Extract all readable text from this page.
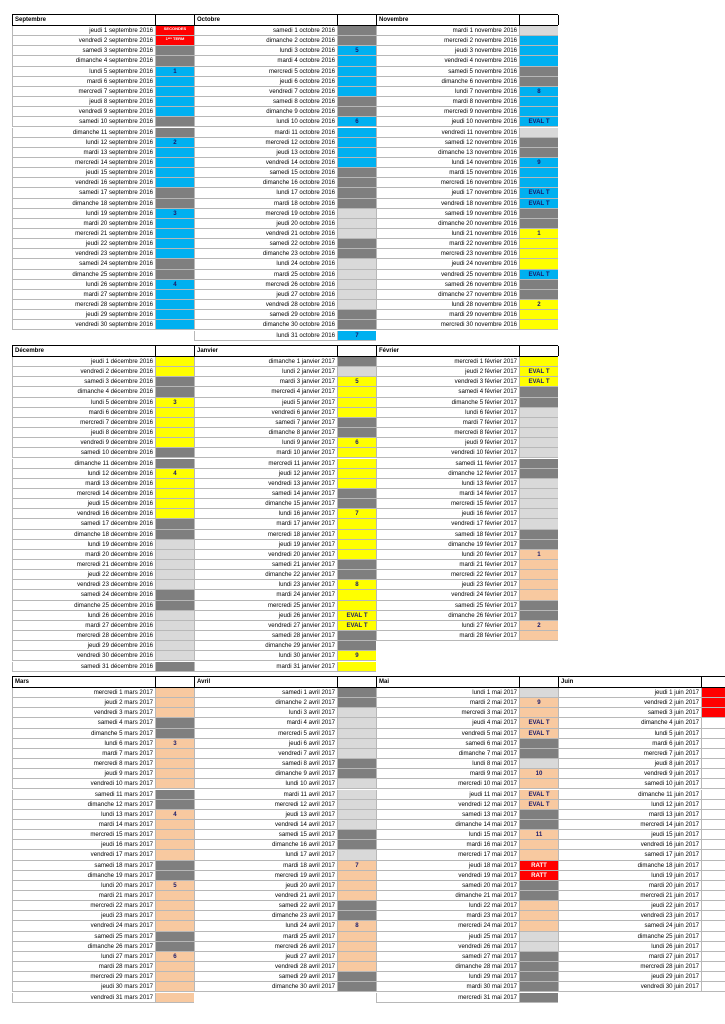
Septembre	Octobre	Novembre
jeudi 1 septembre 2016	SECONDES
vendredi 2 septembre 2016	1ᵉʳᵉ TERM
samedi 3 septembre 2016
dimanche 4 septembre 2016
lundi 5 septembre 2016	1
mardi 6 septembre 2016
mercredi 7 septembre 2016
jeudi 8 septembre 2016
vendredi 9 septembre 2016
samedi 10 septembre 2016
dimanche 11 septembre 2016
lundi 12 septembre 2016	2
mardi 13 septembre 2016
mercredi 14 septembre 2016
jeudi 15 septembre 2016
vendredi 16 septembre 2016
samedi 17 septembre 2016
dimanche 18 septembre 2016
lundi 19 septembre 2016	3
mardi 20 septembre 2016
mercredi 21 septembre 2016
jeudi 22 septembre 2016
vendredi 23 septembre 2016
samedi 24 septembre 2016
dimanche 25 septembre 2016
lundi 26 septembre 2016	4
mardi 27 septembre 2016
mercredi 28 septembre 2016
jeudi 29 septembre 2016
vendredi 30 septembre 2016
samedi 1 octobre 2016
dimanche 2 octobre 2016
lundi 3 octobre 2016	5
mardi 4 octobre 2016
mercredi 5 octobre 2016
jeudi 6 octobre 2016
vendredi 7 octobre 2016
samedi 8 octobre 2016
dimanche 9 octobre 2016
lundi 10 octobre 2016	6
mardi 11 octobre 2016
mercredi 12 octobre 2016
jeudi 13 octobre 2016
vendredi 14 octobre 2016
samedi 15 octobre 2016
dimanche 16 octobre 2016
lundi 17 octobre 2016
mardi 18 octobre 2016
mercredi 19 octobre 2016
jeudi 20 octobre 2016
vendredi 21 octobre 2016
samedi 22 octobre 2016
dimanche 23 octobre 2016
lundi 24 octobre 2016
mardi 25 octobre 2016
mercredi 26 octobre 2016
jeudi 27 octobre 2016
vendredi 28 octobre 2016
samedi 29 octobre 2016
dimanche 30 octobre 2016
lundi 31 octobre 2016	7
mardi 1 novembre 2016
mercredi 2 novembre 2016
jeudi 3 novembre 2016
vendredi 4 novembre 2016
samedi 5 novembre 2016
dimanche 6 novembre 2016
lundi 7 novembre 2016	8
mardi 8 novembre 2016
mercredi 9 novembre 2016
jeudi 10 novembre 2016	EVAL T
vendredi 11 novembre 2016
samedi 12 novembre 2016
dimanche 13 novembre 2016
lundi 14 novembre 2016	9
mardi 15 novembre 2016
mercredi 16 novembre 2016
jeudi 17 novembre 2016	EVAL T
vendredi 18 novembre 2016	EVAL T
samedi 19 novembre 2016
dimanche 20 novembre 2016
lundi 21 novembre 2016	1
mardi 22 novembre 2016
mercredi 23 novembre 2016
jeudi 24 novembre 2016
vendredi 25 novembre 2016	EVAL T
samedi 26 novembre 2016
dimanche 27 novembre 2016
lundi 28 novembre 2016	2
mardi 29 novembre 2016
mercredi 30 novembre 2016
Décembre	Janvier	Février
jeudi 1 décembre 2016
vendredi 2 décembre 2016
samedi 3 décembre 2016
dimanche 4 décembre 2016
lundi 5 décembre 2016	3
mardi 6 décembre 2016
mercredi 7 décembre 2016
jeudi 8 décembre 2016
vendredi 9 décembre 2016
samedi 10 décembre 2016
dimanche 11 décembre 2016
lundi 12 décembre 2016	4
mardi 13 décembre 2016
mercredi 14 décembre 2016
jeudi 15 décembre 2016
vendredi 16 décembre 2016
samedi 17 décembre 2016
dimanche 18 décembre 2016
lundi 19 décembre 2016
mardi 20 décembre 2016
mercredi 21 décembre 2016
jeudi 22 décembre 2016
vendredi 23 décembre 2016
samedi 24 décembre 2016
dimanche 25 décembre 2016
lundi 26 décembre 2016
mardi 27 décembre 2016
mercredi 28 décembre 2016
jeudi 29 décembre 2016
vendredi 30 décembre 2016
samedi 31 décembre 2016
dimanche 1 janvier 2017
lundi 2 janvier 2017
mardi 3 janvier 2017	5
mercredi 4 janvier 2017
jeudi 5 janvier 2017
vendredi 6 janvier 2017
samedi 7 janvier 2017
dimanche 8 janvier 2017
lundi 9 janvier 2017	6
mardi 10 janvier 2017
mercredi 11 janvier 2017
jeudi 12 janvier 2017
vendredi 13 janvier 2017
samedi 14 janvier 2017
dimanche 15 janvier 2017
lundi 16 janvier 2017	7
mardi 17 janvier 2017
mercredi 18 janvier 2017
jeudi 19 janvier 2017
vendredi 20 janvier 2017
samedi 21 janvier 2017
dimanche 22 janvier 2017
lundi 23 janvier 2017	8
mardi 24 janvier 2017
mercredi 25 janvier 2017
jeudi 26 janvier 2017	EVAL T
vendredi 27 janvier 2017	EVAL T
samedi 28 janvier 2017
dimanche 29 janvier 2017
lundi 30 janvier 2017	9
mardi 31 janvier 2017
mercredi 1 février 2017
jeudi 2 février 2017	EVAL T
vendredi 3 février 2017	EVAL T
samedi 4 février 2017
dimanche 5 février 2017
lundi 6 février 2017
mardi 7 février 2017
mercredi 8 février 2017
jeudi 9 février 2017
vendredi 10 février 2017
samedi 11 février 2017
dimanche 12 février 2017
lundi 13 février 2017
mardi 14 février 2017
mercredi 15 février 2017
jeudi 16 février 2017
vendredi 17 février 2017
samedi 18 février 2017
dimanche 19 février 2017
lundi 20 février 2017	1
mardi 21 février 2017
mercredi 22 février 2017
jeudi 23 février 2017
vendredi 24 février 2017
samedi 25 février 2017
dimanche 26 février 2017
lundi 27 février 2017	2
mardi 28 février 2017
Mars	Avril	Mai	Juin
mercredi 1 mars 2017
jeudi 2 mars 2017
vendredi 3 mars 2017
samedi 4 mars 2017
dimanche 5 mars 2017
lundi 6 mars 2017	3
mardi 7 mars 2017
mercredi 8 mars 2017
jeudi 9 mars 2017
vendredi 10 mars 2017
samedi 11 mars 2017
dimanche 12 mars 2017
lundi 13 mars 2017	4
mardi 14 mars 2017
mercredi 15 mars 2017
jeudi 16 mars 2017
vendredi 17 mars 2017
samedi 18 mars 2017
dimanche 19 mars 2017
lundi 20 mars 2017	5
mardi 21 mars 2017
mercredi 22 mars 2017
jeudi 23 mars 2017
vendredi 24 mars 2017
samedi 25 mars 2017
dimanche 26 mars 2017
lundi 27 mars 2017	6
mardi 28 mars 2017
mercredi 29 mars 2017
jeudi 30 mars 2017
vendredi 31 mars 2017
samedi 1 avril 2017
dimanche 2 avril 2017
lundi 3 avril 2017
mardi 4 avril 2017
mercredi 5 avril 2017
jeudi 6 avril 2017
vendredi 7 avril 2017
samedi 8 avril 2017
dimanche 9 avril 2017
lundi 10 avril 2017
mardi 11 avril 2017
mercredi 12 avril 2017
jeudi 13 avril 2017
vendredi 14 avril 2017
samedi 15 avril 2017
dimanche 16 avril 2017
lundi 17 avril 2017
mardi 18 avril 2017	7
mercredi 19 avril 2017
jeudi 20 avril 2017
vendredi 21 avril 2017
samedi 22 avril 2017
dimanche 23 avril 2017
lundi 24 avril 2017	8
mardi 25 avril 2017
mercredi 26 avril 2017
jeudi 27 avril 2017
vendredi 28 avril 2017
samedi 29 avril 2017
dimanche 30 avril 2017
lundi 1 mai 2017
mardi 2 mai 2017	9
mercredi 3 mai 2017
jeudi 4 mai 2017	EVAL T
vendredi 5 mai 2017	EVAL T
samedi 6 mai 2017
dimanche 7 mai 2017
lundi 8 mai 2017
mardi 9 mai 2017	10
mercredi 10 mai 2017
jeudi 11 mai 2017	EVAL T
vendredi 12 mai 2017	EVAL T
samedi 13 mai 2017
dimanche 14 mai 2017
lundi 15 mai 2017	11
mardi 16 mai 2017
mercredi 17 mai 2017
jeudi 18 mai 2017	RATT
vendredi 19 mai 2017	RATT
samedi 20 mai 2017
dimanche 21 mai 2017
lundi 22 mai 2017
mardi 23 mai 2017
mercredi 24 mai 2017
jeudi 25 mai 2017
vendredi 26 mai 2017
samedi 27 mai 2017
dimanche 28 mai 2017
lundi 29 mai 2017
mardi 30 mai 2017
mercredi 31 mai 2017
jeudi 1 juin 2017
vendredi 2 juin 2017
samedi 3 juin 2017
dimanche 4 juin 2017
lundi 5 juin 2017
mardi 6 juin 2017
mercredi 7 juin 2017
jeudi 8 juin 2017
vendredi 9 juin 2017
samedi 10 juin 2017
dimanche 11 juin 2017
lundi 12 juin 2017
mardi 13 juin 2017
mercredi 14 juin 2017
jeudi 15 juin 2017
vendredi 16 juin 2017
samedi 17 juin 2017
dimanche 18 juin 2017
lundi 19 juin 2017
mardi 20 juin 2017
mercredi 21 juin 2017
jeudi 22 juin 2017
vendredi 23 juin 2017
samedi 24 juin 2017
dimanche 25 juin 2017
lundi 26 juin 2017
mardi 27 juin 2017
mercredi 28 juin 2017
jeudi 29 juin 2017
vendredi 30 juin 2017
